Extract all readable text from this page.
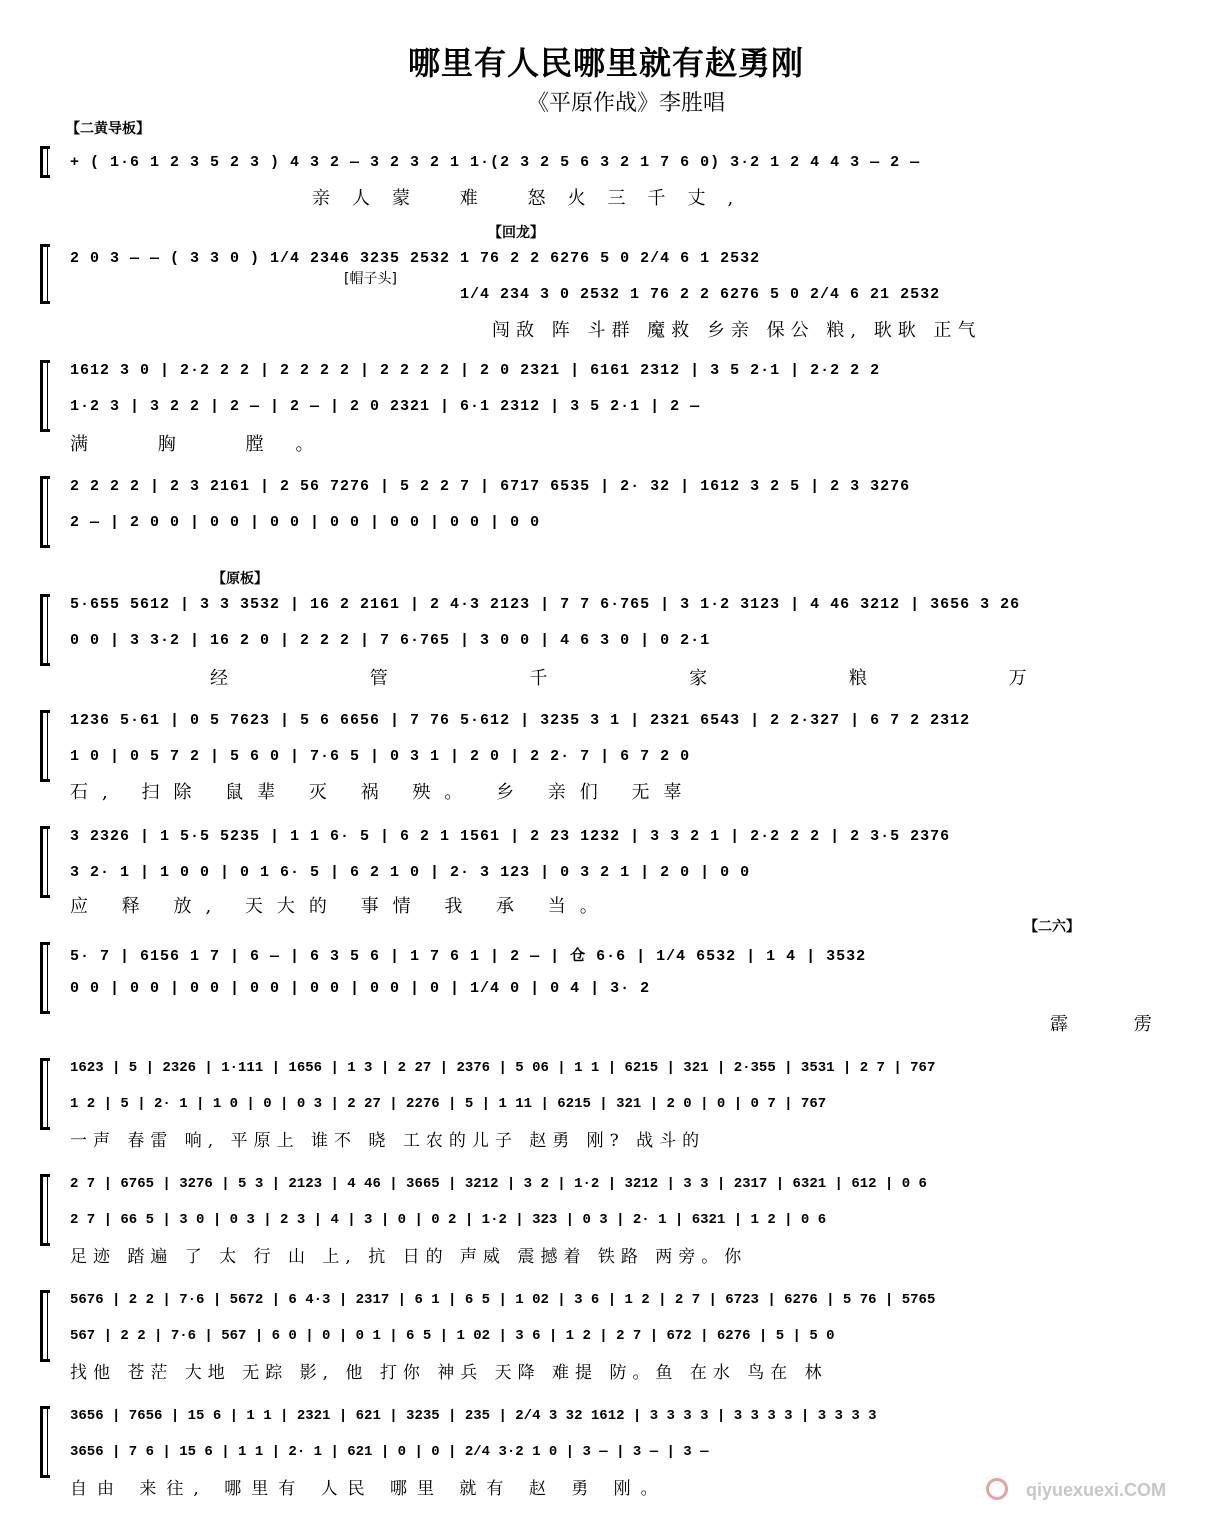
哪里有人民哪里就有赵勇刚
《平原作战》李胜唱
【二黄导板】
【回龙】
【原板】
【二六】
+ ( 1·6 1 2 3 5 2 3 ) 4 3 2 — 3 2 3 2 1 1·(2 3 2 5 6 3 2 1 7 6 0) 3·2 1 2 4 4 3 — 2 —
亲人蒙 难 怒火三千丈,
2 0 3 — — ( 3 3 0 ) 1/4 2346 3235 2532 1 76 2 2 6276 5 0 2/4 6 1 2532
1/4 234 3 0 2532 1 76 2 2 6276 5 0 2/4 6 21 2532
[帽子头]
闯敌 阵 斗群 魔救 乡亲 保公 粮, 耿耿 正气
1612 3 0 | 2·2 2 2 | 2 2 2 2 | 2 2 2 2 | 2 0 2321 | 6161 2312 | 3 5 2·1 | 2·2 2 2
1·2 3 | 3 2 2 | 2 — | 2 — | 2 0 2321 | 6·1 2312 | 3 5 2·1 | 2 —
满 胸 膛。
2 2 2 2 | 2 3 2161 | 2 56 7276 | 5 2 2 7 | 6717 6535 | 2· 32 | 1612 3 2 5 | 2 3 3276
2 — | 2 0 0 | 0 0 | 0 0 | 0 0 | 0 0 | 0 0 | 0 0
5·655 5612 | 3 3 3532 | 16 2 2161 | 2 4·3 2123 | 7 7 6·765 | 3 1·2 3123 | 4 46 3212 | 3656 3 26
0 0 | 3 3·2 | 16 2 0 | 2 2 2 | 7 6·765 | 3 0 0 | 4 6 3 0 | 0 2·1
经 管 千 家 粮 万
1236 5·61 | 0 5 7623 | 5 6 6656 | 7 76 5·612 | 3235 3 1 | 2321 6543 | 2 2·327 | 6 7 2 2312
1 0 | 0 5 7 2 | 5 6 0 | 7·6 5 | 0 3 1 | 2 0 | 2 2· 7 | 6 7 2 0
石, 扫除 鼠辈 灭 祸 殃。 乡 亲们 无辜
3 2326 | 1 5·5 5235 | 1 1 6· 5 | 6 2 1 1561 | 2 23 1232 | 3 3 2 1 | 2·2 2 2 | 2 3·5 2376
3 2· 1 | 1 0 0 | 0 1 6· 5 | 6 2 1 0 | 2· 3 123 | 0 3 2 1 | 2 0 | 0 0
应 释 放, 天大的 事情 我 承 当。
5· 7 | 6156 1 7 | 6 — | 6 3 5 6 | 1 7 6 1 | 2 — | 仓 6·6 | 1/4 6532 | 1 4 | 3532
0 0 | 0 0 | 0 0 | 0 0 | 0 0 | 0 0 | 0 | 1/4 0 | 0 4 | 3· 2
霹 雳
1623 | 5 | 2326 | 1·111 | 1656 | 1 3 | 2 27 | 2376 | 5 06 | 1 1 | 6215 | 321 | 2·355 | 3531 | 2 7 | 767
1 2 | 5 | 2· 1 | 1 0 | 0 | 0 3 | 2 27 | 2276 | 5 | 1 11 | 6215 | 321 | 2 0 | 0 | 0 7 | 767
一声 春雷 响, 平原上 谁不 晓 工农的儿子 赵勇 刚? 战斗的
2 7 | 6765 | 3276 | 5 3 | 2123 | 4 46 | 3665 | 3212 | 3 2 | 1·2 | 3212 | 3 3 | 2317 | 6321 | 612 | 0 6
2 7 | 66 5 | 3 0 | 0 3 | 2 3 | 4 | 3 | 0 | 0 2 | 1·2 | 323 | 0 3 | 2· 1 | 6321 | 1 2 | 0 6
足迹 踏遍 了 太 行 山 上, 抗 日的 声威 震撼着 铁路 两旁。你
5676 | 2 2 | 7·6 | 5672 | 6 4·3 | 2317 | 6 1 | 6 5 | 1 02 | 3 6 | 1 2 | 2 7 | 6723 | 6276 | 5 76 | 5765
567 | 2 2 | 7·6 | 567 | 6 0 | 0 | 0 1 | 6 5 | 1 02 | 3 6 | 1 2 | 2 7 | 672 | 6276 | 5 | 5 0
找他 苍茫 大地 无踪 影, 他 打你 神兵 天降 难提 防。鱼 在水 鸟在 林
3656 | 7656 | 15 6 | 1 1 | 2321 | 621 | 3235 | 235 | 2/4 3 32 1612 | 3 3 3 3 | 3 3 3 3 | 3 3 3 3
3656 | 7 6 | 15 6 | 1 1 | 2· 1 | 621 | 0 | 0 | 2/4 3·2 1 0 | 3 — | 3 — | 3 —
自由 来往, 哪里有 人民 哪里 就有 赵 勇 刚。	qiyuexuexi.COM
